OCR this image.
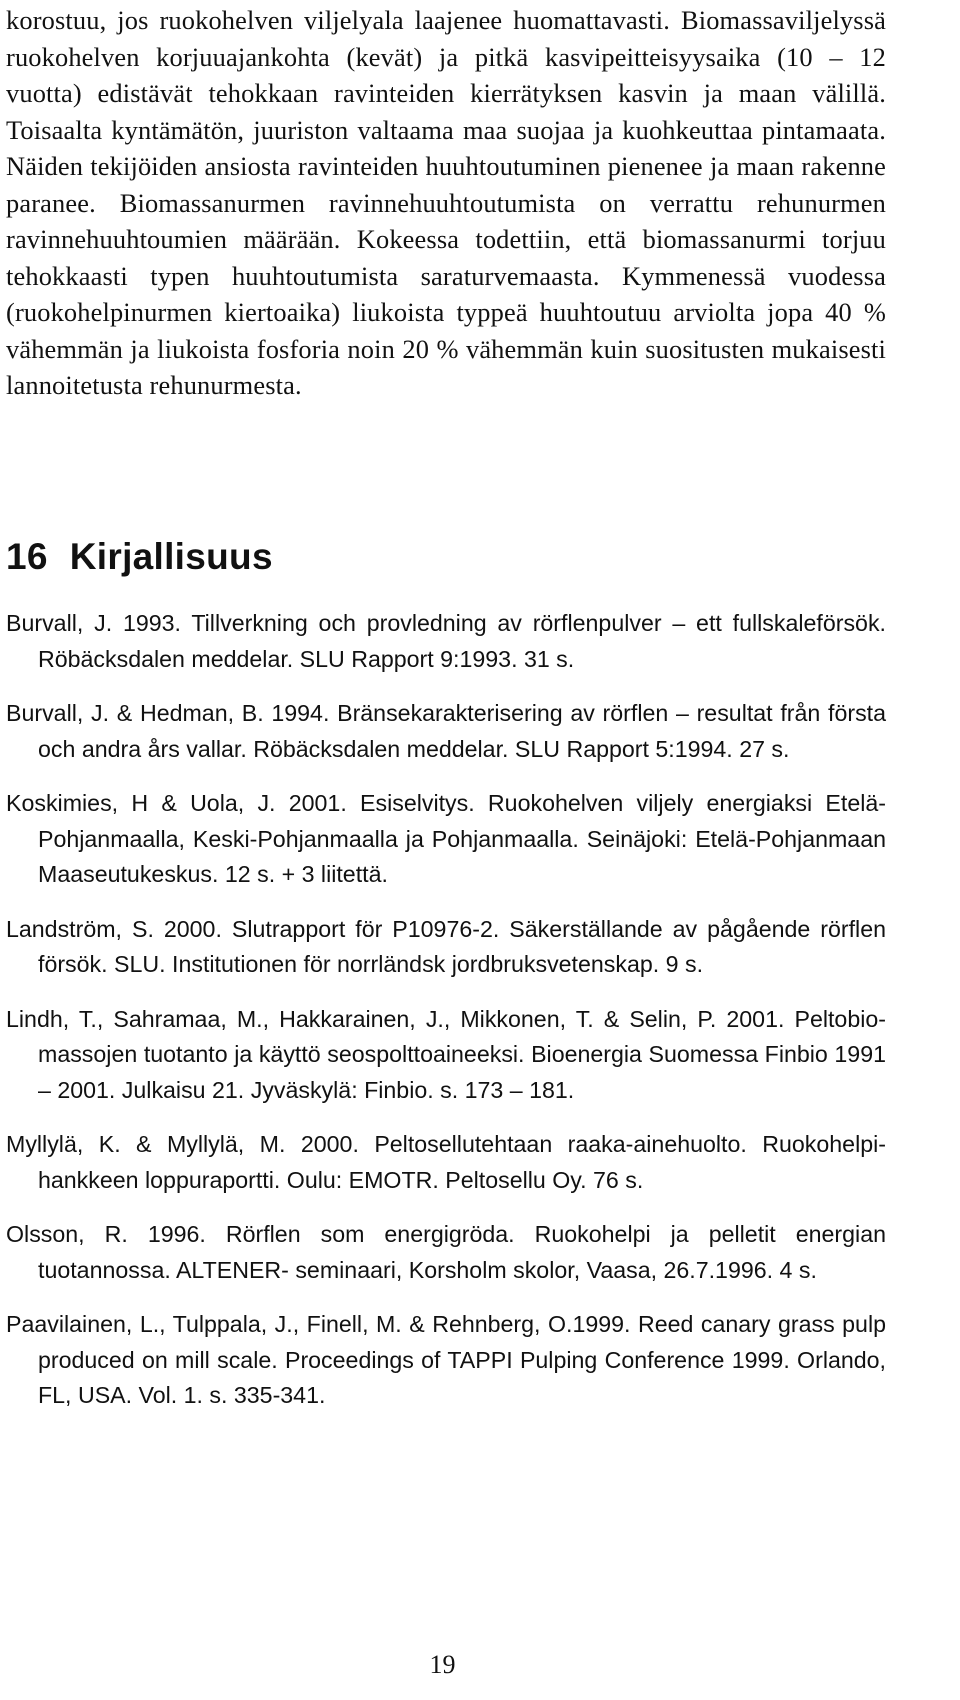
korostuu, jos ruokohelven viljelyala laajenee huomattavasti. Biomassaviljelyssä ruokohelven korjuuajankohta (kevät) ja pitkä kasvipeitteisyysaika (10 – 12 vuotta) edistävät tehokkaan ravinteiden kierrätyksen kasvin ja maan välillä. Toisaalta kyntämätön, juuriston valtaama maa suojaa ja kuohkeuttaa pintamaata. Näiden tekijöiden ansiosta ravinteiden huuhtoutuminen pienenee ja maan rakenne paranee. Biomassanurmen ravinnehuuhtoutumista on verrattu rehunurmen ravinnehuuhtoumien määrään. Kokeessa todettiin, että biomassanurmi torjuu tehokkaasti typen huuhtoutumista saraturvemaasta. Kymmenessä vuodessa (ruokohelpinurmen kiertoaika) liukoista typpeä huuhtoutuu arviolta jopa 40 % vähemmän ja liukoista fosforia noin 20 % vähemmän kuin suositusten mukaisesti lannoitetusta rehunurmesta.

16 Kirjallisuus
Burvall, J. 1993. Tillverkning och provledning av rörflenpulver – ett fullskaleförsök. Röbäcksdalen meddelar. SLU Rapport 9:1993. 31 s.
Burvall, J. & Hedman, B. 1994. Bränsekarakterisering av rörflen – resultat från första och andra års vallar. Röbäcksdalen meddelar. SLU Rapport 5:1994. 27 s.
Koskimies, H & Uola, J. 2001. Esiselvitys. Ruokohelven viljely energiaksi Etelä-Pohjanmaalla, Keski-Pohjanmaalla ja Pohjanmaalla. Seinäjoki: Etelä-Pohjanmaan Maaseutukeskus. 12 s. + 3 liitettä.
Landström, S. 2000. Slutrapport för P10976-2. Säkerställande av pågående rörflen försök. SLU. Institutionen för norrländsk jordbruksvetenskap. 9 s.
Lindh, T., Sahramaa, M., Hakkarainen, J., Mikkonen, T. & Selin, P. 2001. Peltobio-massojen tuotanto ja käyttö seospolttoaineeksi. Bioenergia Suomessa Finbio 1991 – 2001. Julkaisu 21. Jyväskylä: Finbio. s. 173 – 181.
Myllylä, K. & Myllylä, M. 2000. Peltosellutehtaan raaka-ainehuolto. Ruokohelpi-hankkeen loppuraportti. Oulu: EMOTR. Peltosellu Oy. 76 s.
Olsson, R. 1996. Rörflen som energigröda. Ruokohelpi ja pelletit energian tuotannossa. ALTENER- seminaari, Korsholm skolor, Vaasa, 26.7.1996. 4 s.
Paavilainen, L., Tulppala, J., Finell, M. & Rehnberg, O.1999. Reed canary grass pulp produced on mill scale. Proceedings of TAPPI Pulping Conference 1999. Orlando, FL, USA. Vol. 1. s. 335-341.
19
